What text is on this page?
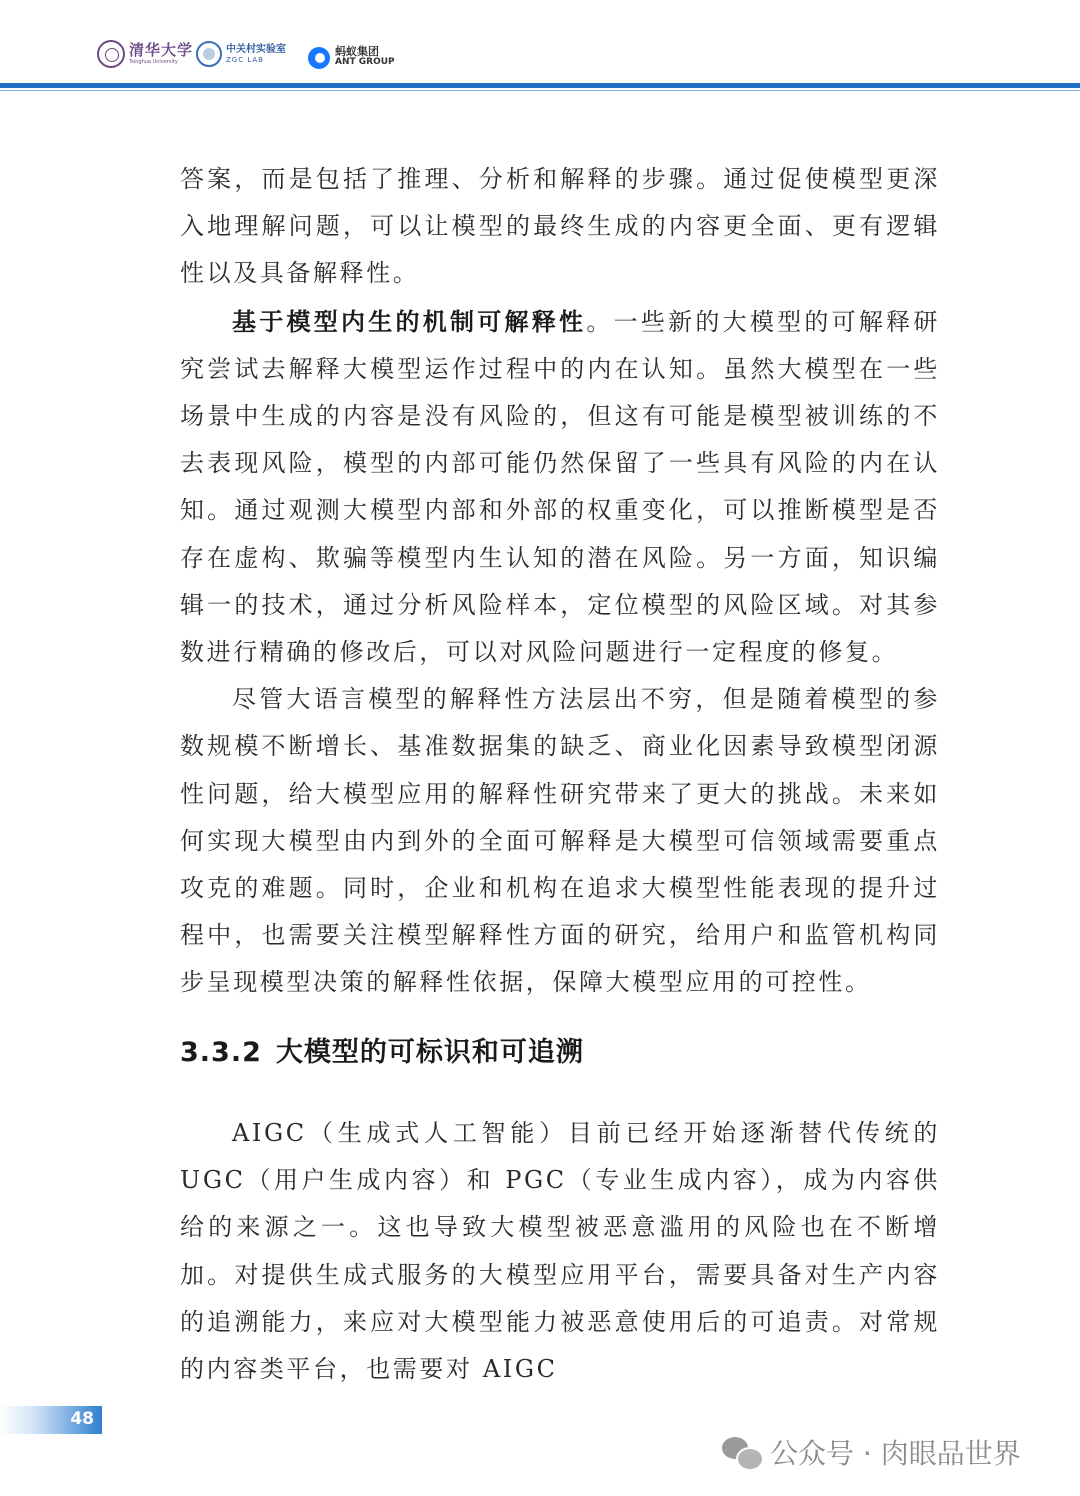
清华大学
Tsinghua University
中关村实验室
ZGC LAB
蚂蚁集团
ANT GROUP

答案，而是包括了推理、分析和解释的步骤。通过促使模型更深入地理解问题，可以让模型的最终生成的内容更全面、更有逻辑性以及具备解释性。

基于模型内生的机制可解释性。一些新的大模型的可解释研究尝试去解释大模型运作过程中的内在认知。虽然大模型在一些场景中生成的内容是没有风险的，但这有可能是模型被训练的不去表现风险，模型的内部可能仍然保留了一些具有风险的内在认知。通过观测大模型内部和外部的权重变化，可以推断模型是否存在虚构、欺骗等模型内生认知的潜在风险。另一方面，知识编辑一的技术，通过分析风险样本，定位模型的风险区域。对其参数进行精确的修改后，可以对风险问题进行一定程度的修复。

尽管大语言模型的解释性方法层出不穷，但是随着模型的参数规模不断增长、基准数据集的缺乏、商业化因素导致模型闭源性问题，给大模型应用的解释性研究带来了更大的挑战。未来如何实现大模型由内到外的全面可解释是大模型可信领域需要重点攻克的难题。同时，企业和机构在追求大模型性能表现的提升过程中，也需要关注模型解释性方面的研究，给用户和监管机构同步呈现模型决策的解释性依据，保障大模型应用的可控性。

3.3.2 大模型的可标识和可追溯

AIGC（生成式人工智能）目前已经开始逐渐替代传统的 UGC（用户生成内容）和 PGC（专业生成内容），成为内容供给的来源之一。这也导致大模型被恶意滥用的风险也在不断增加。对提供生成式服务的大模型应用平台，需要具备对生产内容的追溯能力，来应对大模型能力被恶意使用后的可追责。对常规的内容类平台，也需要对 AIGC

48
公众号 · 肉眼品世界
